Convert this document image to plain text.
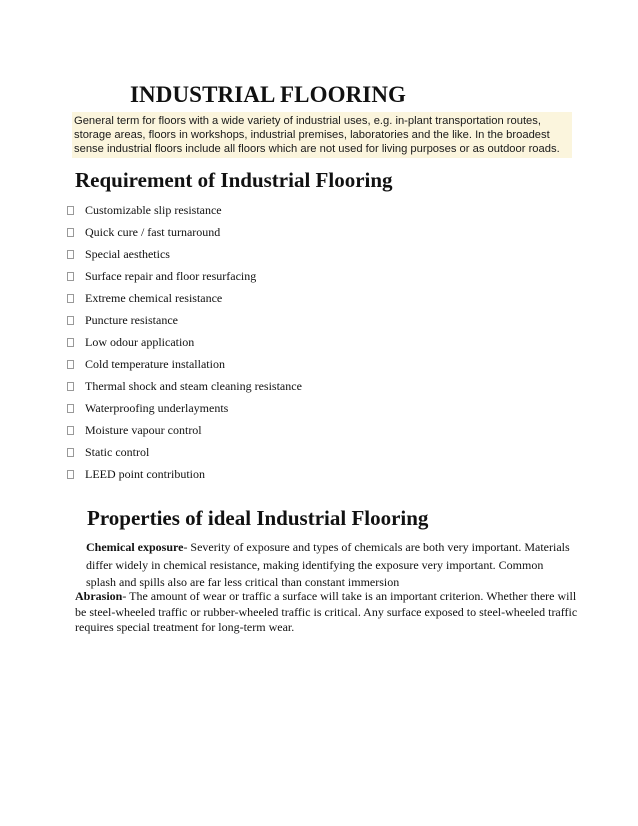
INDUSTRIAL FLOORING
General term for floors with a wide variety of industrial uses, e.g. in-plant transportation routes, storage areas, floors in workshops, industrial premises, laboratories and the like. In the broadest sense industrial floors include all floors which are not used for living purposes or as outdoor roads.
Requirement of Industrial Flooring
Customizable slip resistance
Quick cure / fast turnaround
Special aesthetics
Surface repair and floor resurfacing
Extreme chemical resistance
Puncture resistance
Low odour application
Cold temperature installation
Thermal shock and steam cleaning resistance
Waterproofing underlayments
Moisture vapour control
Static control
LEED point contribution
Properties of ideal Industrial Flooring

Chemical exposure- Severity of exposure and types of chemicals are both very important. Materials differ widely in chemical resistance, making identifying the exposure very important. Common splash and spills also are far less critical than constant immersion

Abrasion- The amount of wear or traffic a surface will take is an important criterion. Whether there will be steel-wheeled traffic or rubber-wheeled traffic is critical. Any surface exposed to steel-wheeled traffic requires special treatment for long-term wear.
